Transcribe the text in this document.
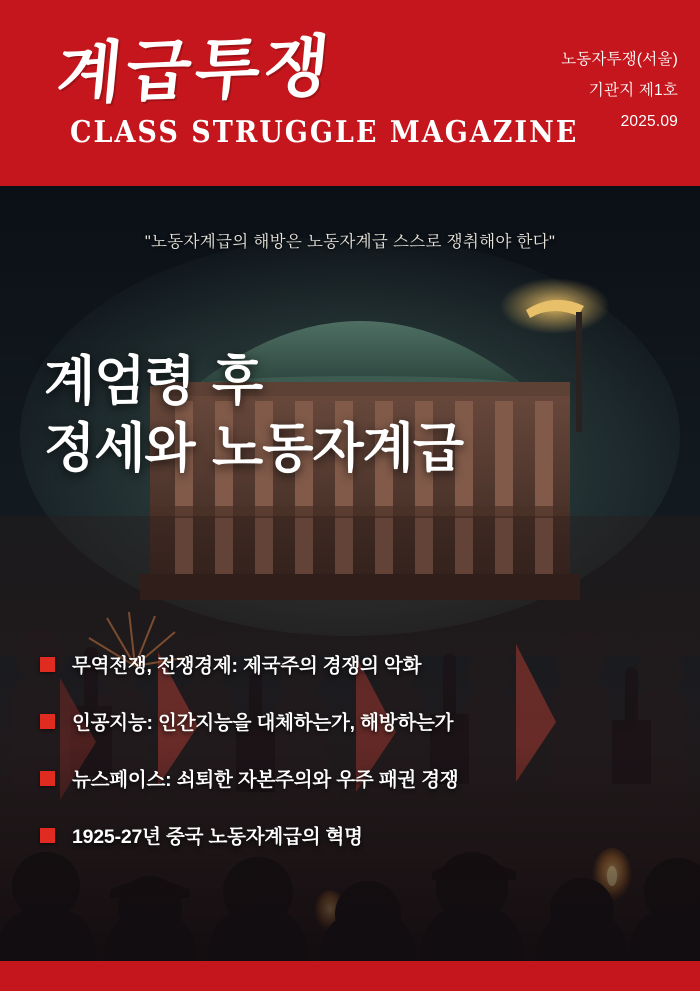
계급투쟁
CLASS STRUGGLE MAGAZINE
노동자투쟁(서울)
기관지 제1호
2025.09
"노동자계급의 해방은 노동자계급 스스로 쟁취해야 한다"
계엄령 후
정세와 노동자계급
무역전쟁, 전쟁경제: 제국주의 경쟁의 악화
인공지능: 인간지능을 대체하는가, 해방하는가
뉴스페이스: 쇠퇴한 자본주의와 우주 패권 경쟁
1925-27년 중국 노동자계급의 혁명
